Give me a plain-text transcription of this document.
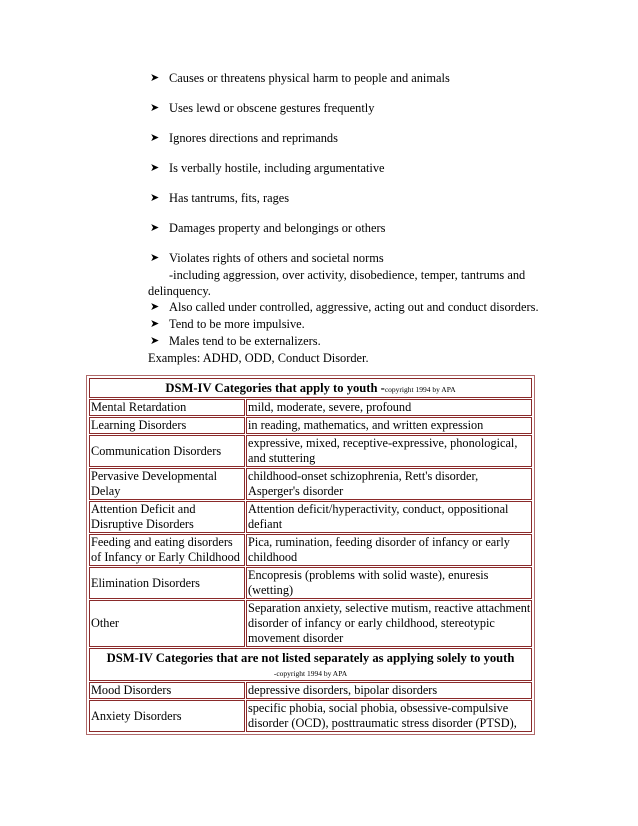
➤ Causes or threatens physical harm to people and animals
➤ Uses lewd or obscene gestures frequently
➤ Ignores directions and reprimands
➤ Is verbally hostile, including argumentative
➤ Has tantrums, fits, rages
➤ Damages property and belongings or others
➤ Violates rights of others and societal norms
-including aggression, over activity, disobedience, temper, tantrums and
delinquency.
➤ Also called under controlled, aggressive, acting out and conduct disorders.
➤ Tend to be more impulsive.
➤ Males tend to be externalizers.
Examples: ADHD, ODD, Conduct Disorder.
DSM-IV Categories that apply to youth -copyright 1994 by APA	
Mental Retardation	mild, moderate, severe, profound
Learning Disorders	in reading, mathematics, and written expression
Communication Disorders	expressive, mixed, receptive-expressive, phonological, and stuttering
Pervasive Developmental Delay	childhood-onset schizophrenia, Rett's disorder, Asperger's disorder
Attention Deficit and Disruptive Disorders	Attention deficit/hyperactivity, conduct, oppositional defiant
Feeding and eating disorders of Infancy or Early Childhood	Pica, rumination, feeding disorder of infancy or early childhood
Elimination Disorders	Encopresis (problems with solid waste), enuresis (wetting)
Other	Separation anxiety, selective mutism, reactive attachment disorder of infancy or early childhood, stereotypic movement disorder
DSM-IV Categories that are not listed separately as applying solely to youth
-copyright 1994 by APA	

Mood Disorders	depressive disorders, bipolar disorders
Anxiety Disorders	specific phobia, social phobia, obsessive-compulsive disorder (OCD), posttraumatic stress disorder (PTSD),
